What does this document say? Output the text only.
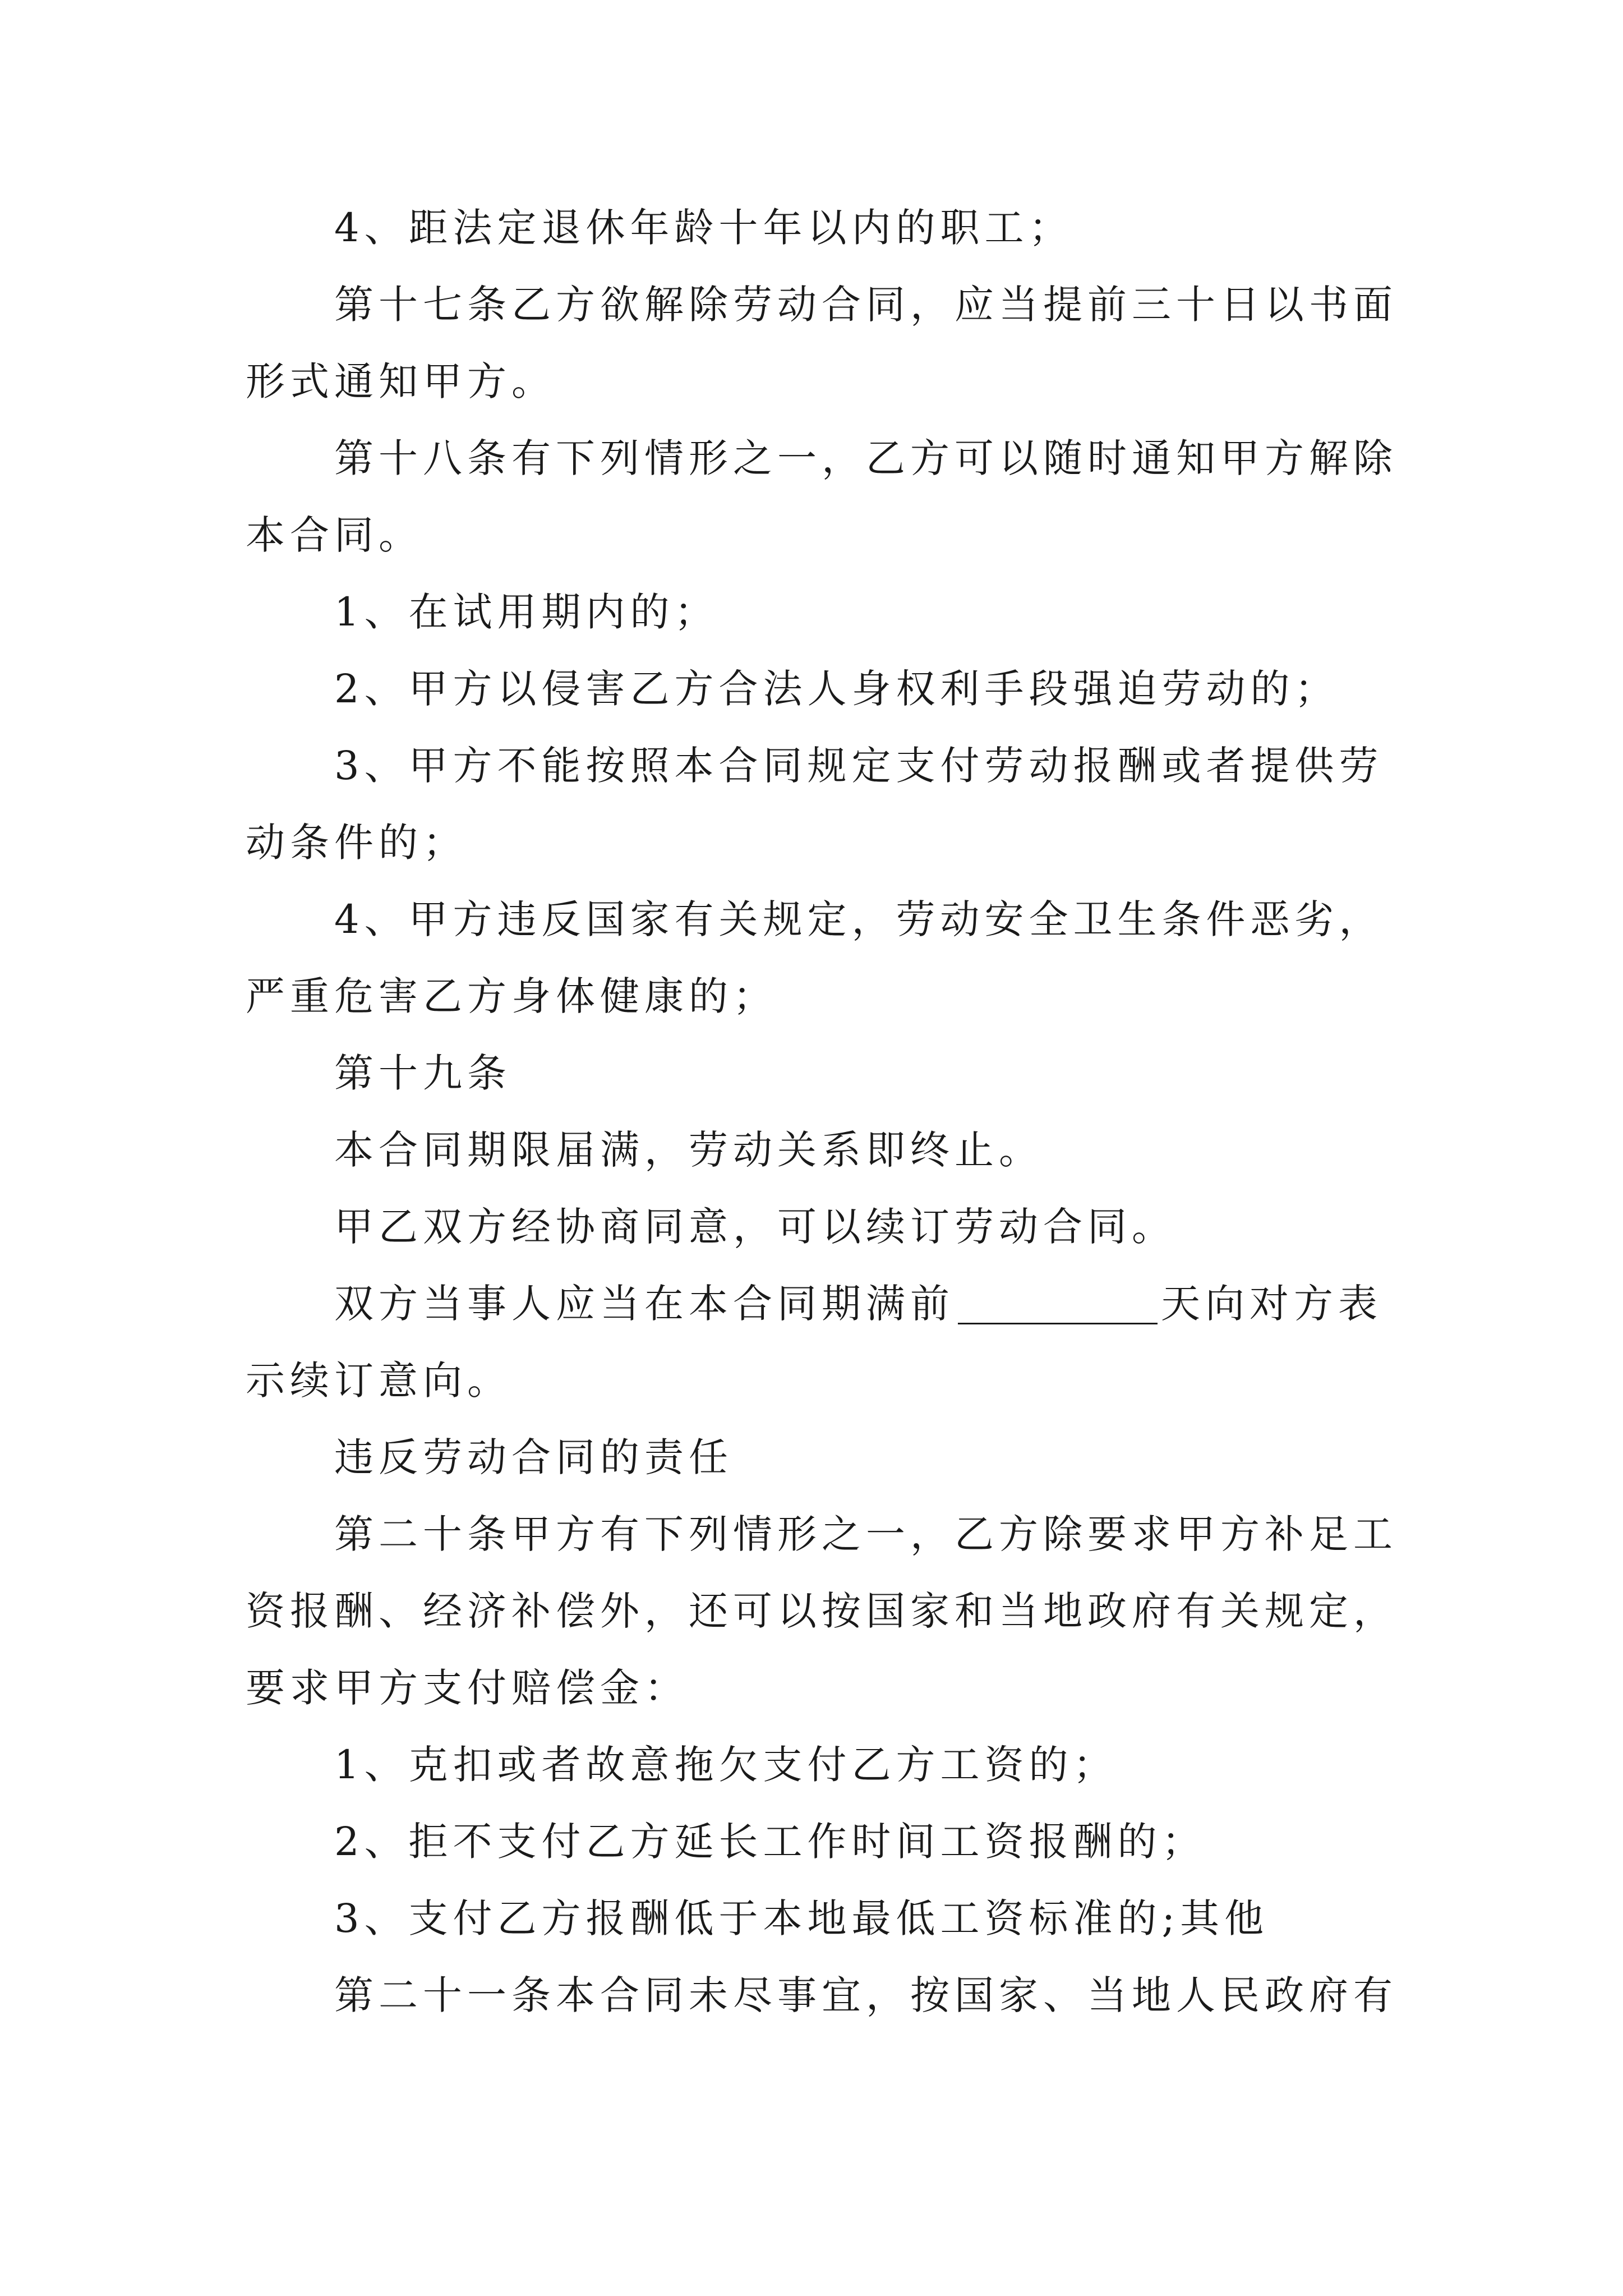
4、距法定退休年龄十年以内的职工；

第十七条乙方欲解除劳动合同，应当提前三十日以书面

形式通知甲方。

第十八条有下列情形之一，乙方可以随时通知甲方解除

本合同。

1、在试用期内的；

2、甲方以侵害乙方合法人身权利手段强迫劳动的；

3、甲方不能按照本合同规定支付劳动报酬或者提供劳

动条件的；

4、甲方违反国家有关规定，劳动安全卫生条件恶劣，

严重危害乙方身体健康的；

第十九条

本合同期限届满，劳动关系即终止。

甲乙双方经协商同意，可以续订劳动合同。

双方当事人应当在本合同期满前	天向对方表

示续订意向。

违反劳动合同的责任

第二十条甲方有下列情形之一，乙方除要求甲方补足工

资报酬、经济补偿外，还可以按国家和当地政府有关规定，

要求甲方支付赔偿金：

1、克扣或者故意拖欠支付乙方工资的；

2、拒不支付乙方延长工作时间工资报酬的；

3、支付乙方报酬低于本地最低工资标准的;其他

第二十一条本合同未尽事宜，按国家、当地人民政府有
